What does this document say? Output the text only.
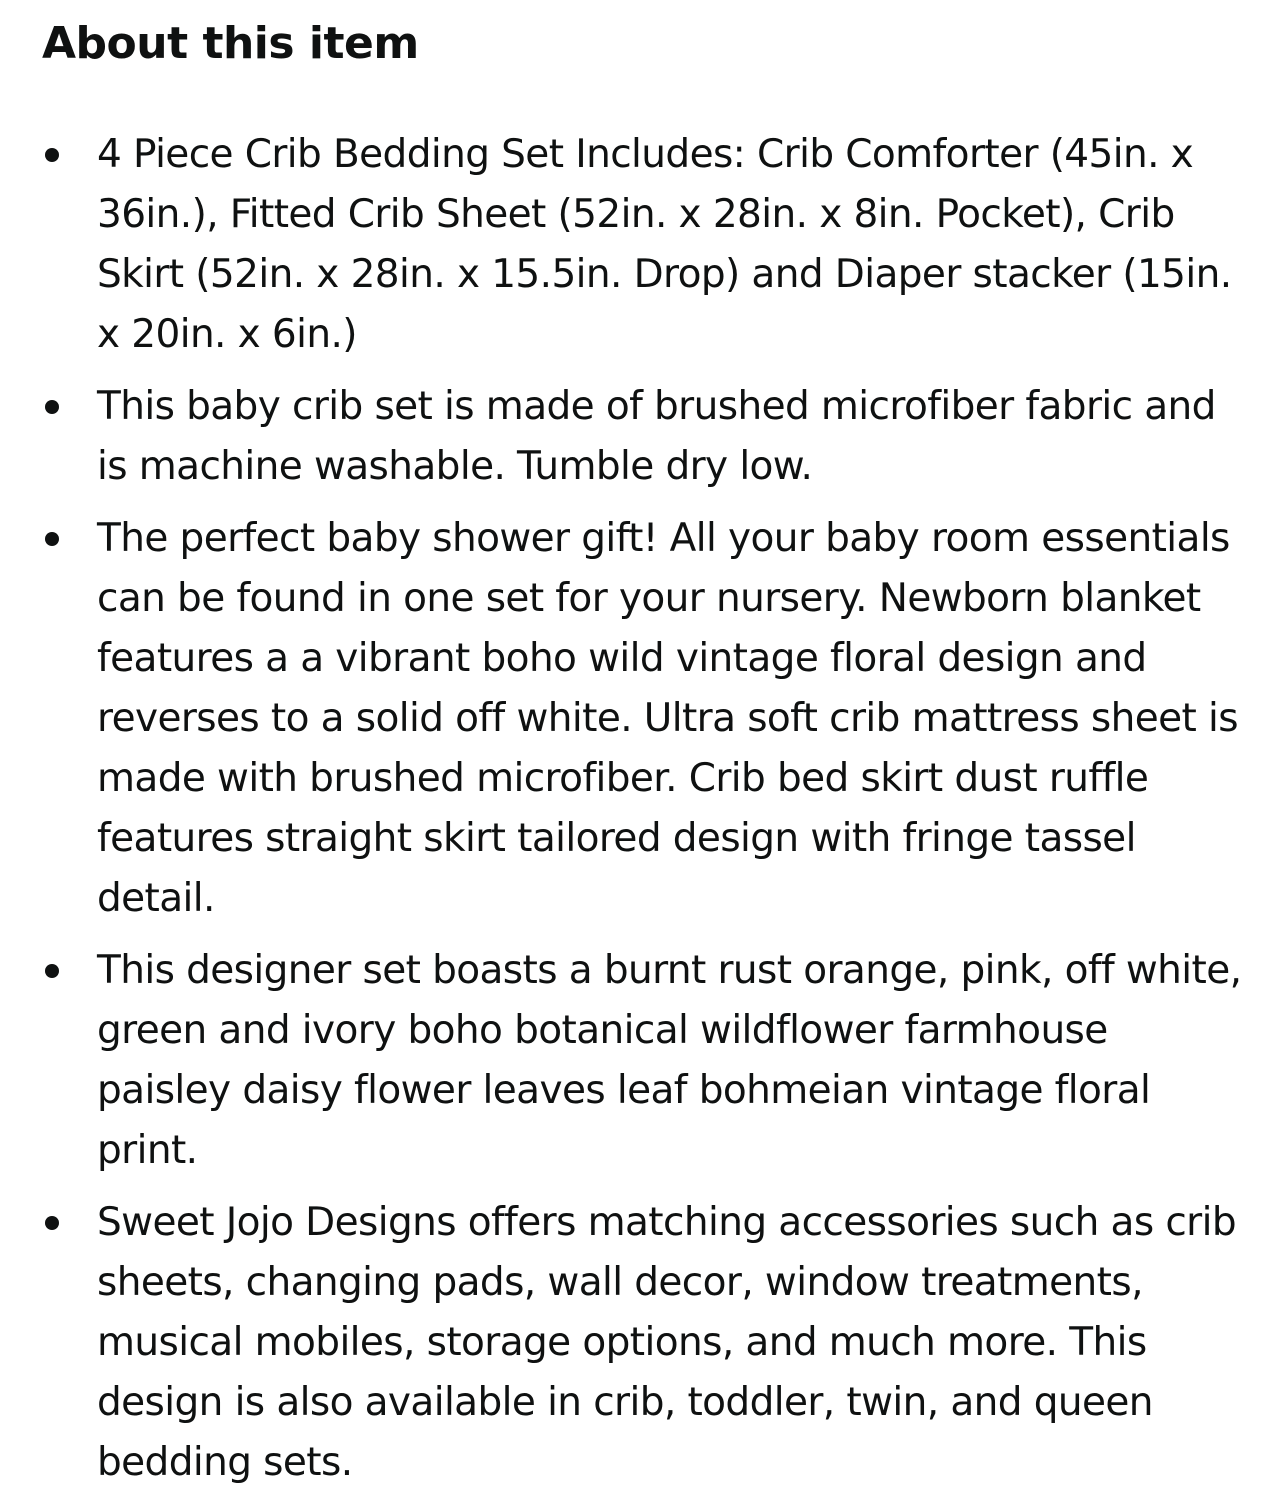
About this item
4 Piece Crib Bedding Set Includes: Crib Comforter (45in. x 36in.), Fitted Crib Sheet (52in. x 28in. x 8in. Pocket), Crib Skirt (52in. x 28in. x 15.5in. Drop) and Diaper stacker (15in. x 20in. x 6in.)
This baby crib set is made of brushed microfiber fabric and is machine washable. Tumble dry low.
The perfect baby shower gift! All your baby room essentials can be found in one set for your nursery. Newborn blanket features a a vibrant boho wild vintage floral design and reverses to a solid off white. Ultra soft crib mattress sheet is made with brushed microfiber. Crib bed skirt dust ruffle features straight skirt tailored design with fringe tassel detail.
This designer set boasts a burnt rust orange, pink, off white, green and ivory boho botanical wildflower farmhouse paisley daisy flower leaves leaf bohmeian vintage floral print.
Sweet Jojo Designs offers matching accessories such as crib sheets, changing pads, wall decor, window treatments, musical mobiles, storage options, and much more. This design is also available in crib, toddler, twin, and queen bedding sets.
